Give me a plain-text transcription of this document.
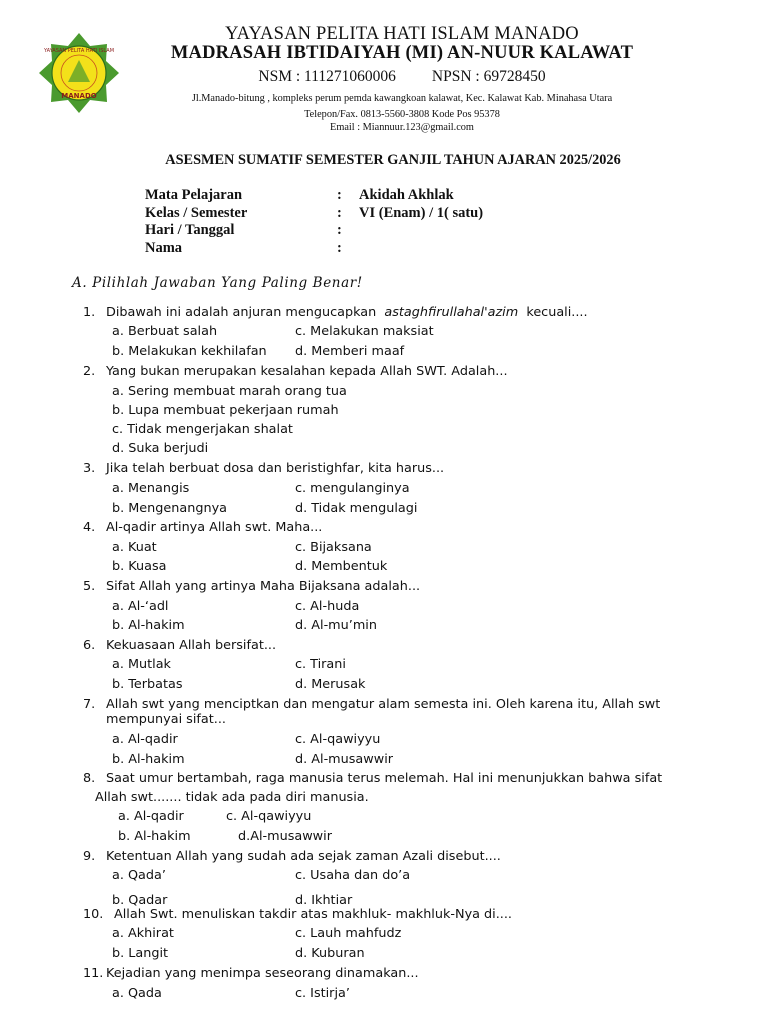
YAYASAN PELITA HATI ISLAM
MANADO
YAYASAN PELITA HATI ISLAM MANADO
MADRASAH IBTIDAIYAH (MI) AN-NUUR KALAWAT
NSM : 111271060006 NPSN : 69728450
Jl.Manado-bitung , kompleks perum pemda kawangkoan kalawat, Kec. Kalawat Kab. Minahasa Utara
Telepon/Fax. 0813-5560-3808 Kode Pos 95378
Email : Miannuur.123@gmail.com
ASESMEN SUMATIF SEMESTER GANJIL TAHUN AJARAN 2025/2026
Mata Pelajaran	: Akidah Akhlak
Kelas / Semester	: VI (Enam) / 1( satu)
Hari / Tanggal	:
Nama	:
A. Pilihlah Jawaban Yang Paling Benar!
1. Dibawah ini adalah anjuran mengucapkan astaghfirullahal'azim kecuali....
a. Berbuat salah	c. Melakukan maksiat
b. Melakukan kekhilafan d. Memberi maaf
2. Yang bukan merupakan kesalahan kepada Allah SWT. Adalah...
a. Sering membuat marah orang tua
b. Lupa membuat pekerjaan rumah
c. Tidak mengerjakan shalat
d. Suka berjudi
3. Jika telah berbuat dosa dan beristighfar, kita harus...
a. Menangis	c. mengulanginya
b. Mengenangnya	d. Tidak mengulagi
4. Al-qadir artinya Allah swt. Maha...
a. Kuat	c. Bijaksana
b. Kuasa	d. Membentuk
5. Sifat Allah yang artinya Maha Bijaksana adalah...
a. Al-‘adl	c. Al-huda
b. Al-hakim	d. Al-mu’min
6. Kekuasaan Allah bersifat...
a. Mutlak	c. Tirani
b. Terbatas	d. Merusak
7. Allah swt yang menciptkan dan mengatur alam semesta ini. Oleh karena itu, Allah swt
mempunyai sifat...
a. Al-qadir	c. Al-qawiyyu
b. Al-hakim	d. Al-musawwir
8. Saat umur bertambah, raga manusia terus melemah. Hal ini menunjukkan bahwa sifat
Allah swt....... tidak ada pada diri manusia.
a. Al-qadir	c. Al-qawiyyu
b. Al-hakim	d.Al-musawwir
9. Ketentuan Allah yang sudah ada sejak zaman Azali disebut....
a. Qada’	c. Usaha dan do’a
b. Qadar	d. Ikhtiar
10. Allah Swt. menuliskan takdir atas makhluk- makhluk-Nya di....
a. Akhirat	c. Lauh mahfudz
b. Langit	d. Kuburan
11. Kejadian yang menimpa seseorang dinamakan...
a. Qada	c. Istirja’
